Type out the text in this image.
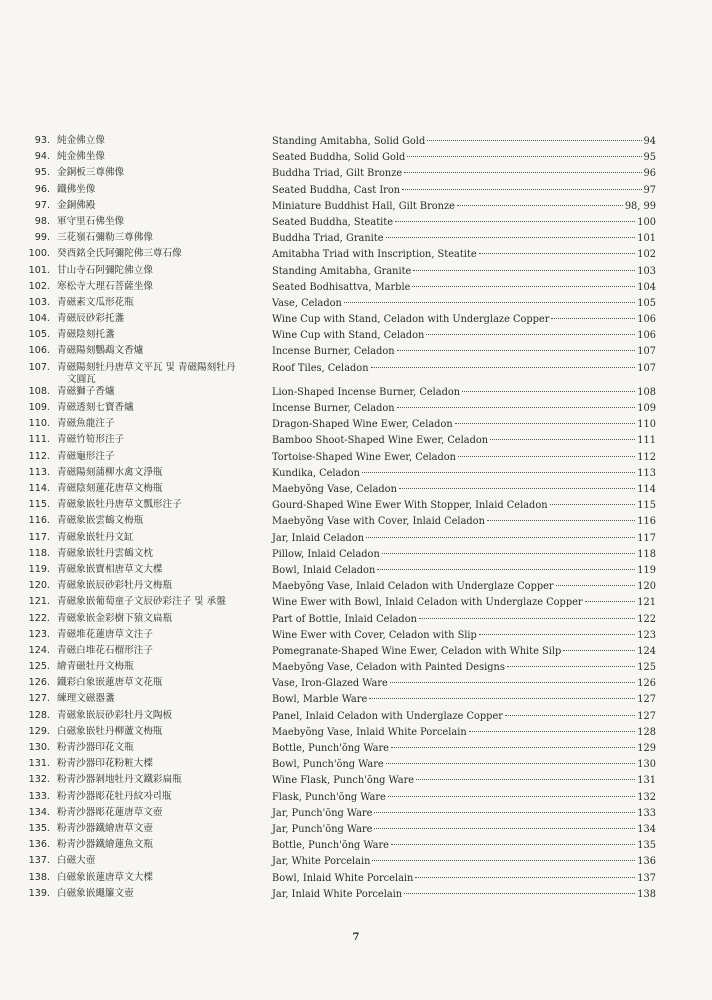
93. 純金佛立像	Standing Amitabha, Solid Gold	94
94. 純金佛坐像	Seated Buddha, Solid Gold	95
95. 金銅板三尊佛像	Buddha Triad, Gilt Bronze	96
96. 鐵佛坐像	Seated Buddha, Cast Iron	97
97. 金銅佛殿	Miniature Buddhist Hall, Gilt Bronze	98, 99
98. 軍守里石佛坐像	Seated Buddha, Steatite	100
99. 三花嶺石彌勒三尊佛像	Buddha Triad, Granite	101
100. 癸酉銘全氏阿彌陀佛三尊石像	Amitabha Triad with Inscription, Steatite	102
101. 甘山寺石阿彌陀佛立像	Standing Amitabha, Granite	103
102. 寒松寺大理石菩薩坐像	Seated Bodhisattva, Marble	104
103. 青磁素文瓜形花瓶	Vase, Celadon	105
104. 青磁辰砂彩托盞	Wine Cup with Stand, Celadon with Underglaze Copper	106
105. 青磁陰刻托盞	Wine Cup with Stand, Celadon	106
106. 青磁陽刻鸚鵡文香爐	Incense Burner, Celadon	107
107. 青磁陽刻牡丹唐草文平瓦 및 青磁陽刻牡丹
文圓瓦
Roof Tiles, Celadon	107
108. 青磁獅子香爐	Lion-Shaped Incense Burner, Celadon	108
109. 青磁透刻七寶香爐	Incense Burner, Celadon	109
110. 青磁魚龍注子	Dragon-Shaped Wine Ewer, Celadon	110
111. 青磁竹筍形注子	Bamboo Shoot-Shaped Wine Ewer, Celadon	111
112. 青磁龜形注子	Tortoise-Shaped Wine Ewer, Celadon	112
113. 青磁陽刻蒲柳水禽文淨瓶	Kundika, Celadon	113
114. 青磁陰刻蓮花唐草文梅瓶	Maebyŏng Vase, Celadon	114
115. 青磁象嵌牡丹唐草文瓢形注子	Gourd-Shaped Wine Ewer With Stopper, Inlaid Celadon	115
116. 青磁象嵌雲鶴文梅瓶	Maebyŏng Vase with Cover, Inlaid Celadon	116
117. 青磁象嵌牡丹文缸	Jar, Inlaid Celadon	117
118. 青磁象嵌牡丹雲鶴文枕	Pillow, Inlaid Celadon	118
119. 青磁象嵌寶相唐草文大楪	Bowl, Inlaid Celadon	119
120. 青磁象嵌辰砂彩牡丹文梅瓶	Maebyŏng Vase, Inlaid Celadon with Underglaze Copper	120
121. 青磁象嵌葡萄童子文辰砂彩注子 및 承盤	Wine Ewer with Bowl, Inlaid Celadon with Underglaze Copper	121
122. 青磁象嵌金彩樹下猿文扁瓶	Part of Bottle, Inlaid Celadon	122
123. 青磁堆花蓮唐草文注子	Wine Ewer with Cover, Celadon with Slip	123
124. 青磁白堆花石榴形注子	Pomegranate-Shaped Wine Ewer, Celadon with White Silp	124
125. 繪青磁牡丹文梅瓶	Maebyŏng Vase, Celadon with Painted Designs	125
126. 鐵彩白象嵌蓮唐草文花瓶	Vase, Iron-Glazed Ware	126
127. 練理文磁器盞	Bowl, Marble Ware	127
128. 青磁象嵌辰砂彩牡丹文陶板	Panel, Inlaid Celadon with Underglaze Copper	127
129. 白磁象嵌牡丹柳蘆文梅瓶	Maebyŏng Vase, Inlaid White Porcelain	128
130. 粉靑沙器印花文瓶	Bottle, Punch'ŏng Ware	129
131. 粉靑沙器印花粉粧大楪	Bowl, Punch'ŏng Ware	130
132. 粉靑沙器剝地牡丹文鐵彩扁瓶	Wine Flask, Punch'ŏng Ware	131
133. 粉靑沙器彫花牡丹紋자리瓶	Flask, Punch'ŏng Ware	132
134. 粉靑沙器彫花蓮唐草文壺	Jar, Punch'ŏng Ware	133
135. 粉靑沙器鐵繪唐草文壺	Jar, Punch'ŏng Ware	134
136. 粉靑沙器鐵繪蓮魚文瓶	Bottle, Punch'ŏng Ware	135
137. 白磁大壺	Jar, White Porcelain	136
138. 白磁象嵌蓮唐草文大楪	Bowl, Inlaid White Porcelain	137
139. 白磁象嵌繩簾文壺	Jar, Inlaid White Porcelain	138
7
